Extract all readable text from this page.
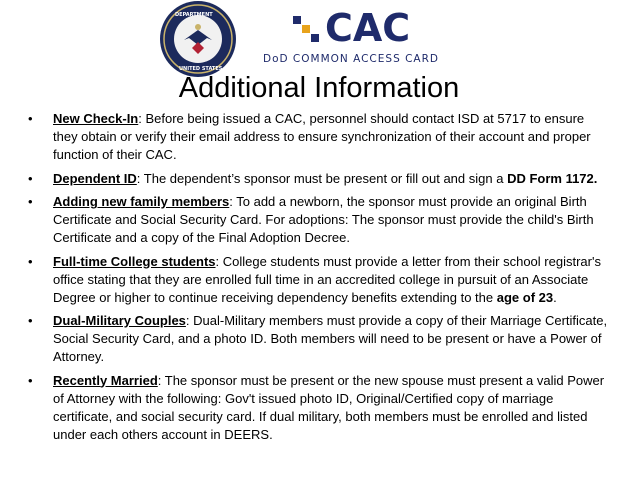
DEPARTMENT
UNITED STATES
CAC
DoD COMMON ACCESS CARD
Additional Information
• New Check-In: Before being issued a CAC, personnel should contact ISD at 5717 to ensure they obtain or verify their email address to ensure synchronization of their account and proper function of their CAC.
• Dependent ID: The dependent’s sponsor must be present or fill out and sign a DD Form 1172.
• Adding new family members: To add a newborn, the sponsor must provide an original Birth Certificate and Social Security Card. For adoptions: The sponsor must provide the child's Birth Certificate and a copy of the Final Adoption Decree.
• Full-time College students: College students must provide a letter from their school registrar's office stating that they are enrolled full time in an accredited college in pursuit of an Associate Degree or higher to continue receiving dependency benefits extending to the age of 23.
• Dual-Military Couples: Dual-Military members must provide a copy of their Marriage Certificate, Social Security Card, and a photo ID. Both members will need to be present or have a Power of Attorney.
• Recently Married: The sponsor must be present or the new spouse must present a valid Power of Attorney with the following: Gov't issued photo ID, Original/Certified copy of marriage certificate, and social security card. If dual military, both members must be enrolled and listed under each others account in DEERS.
